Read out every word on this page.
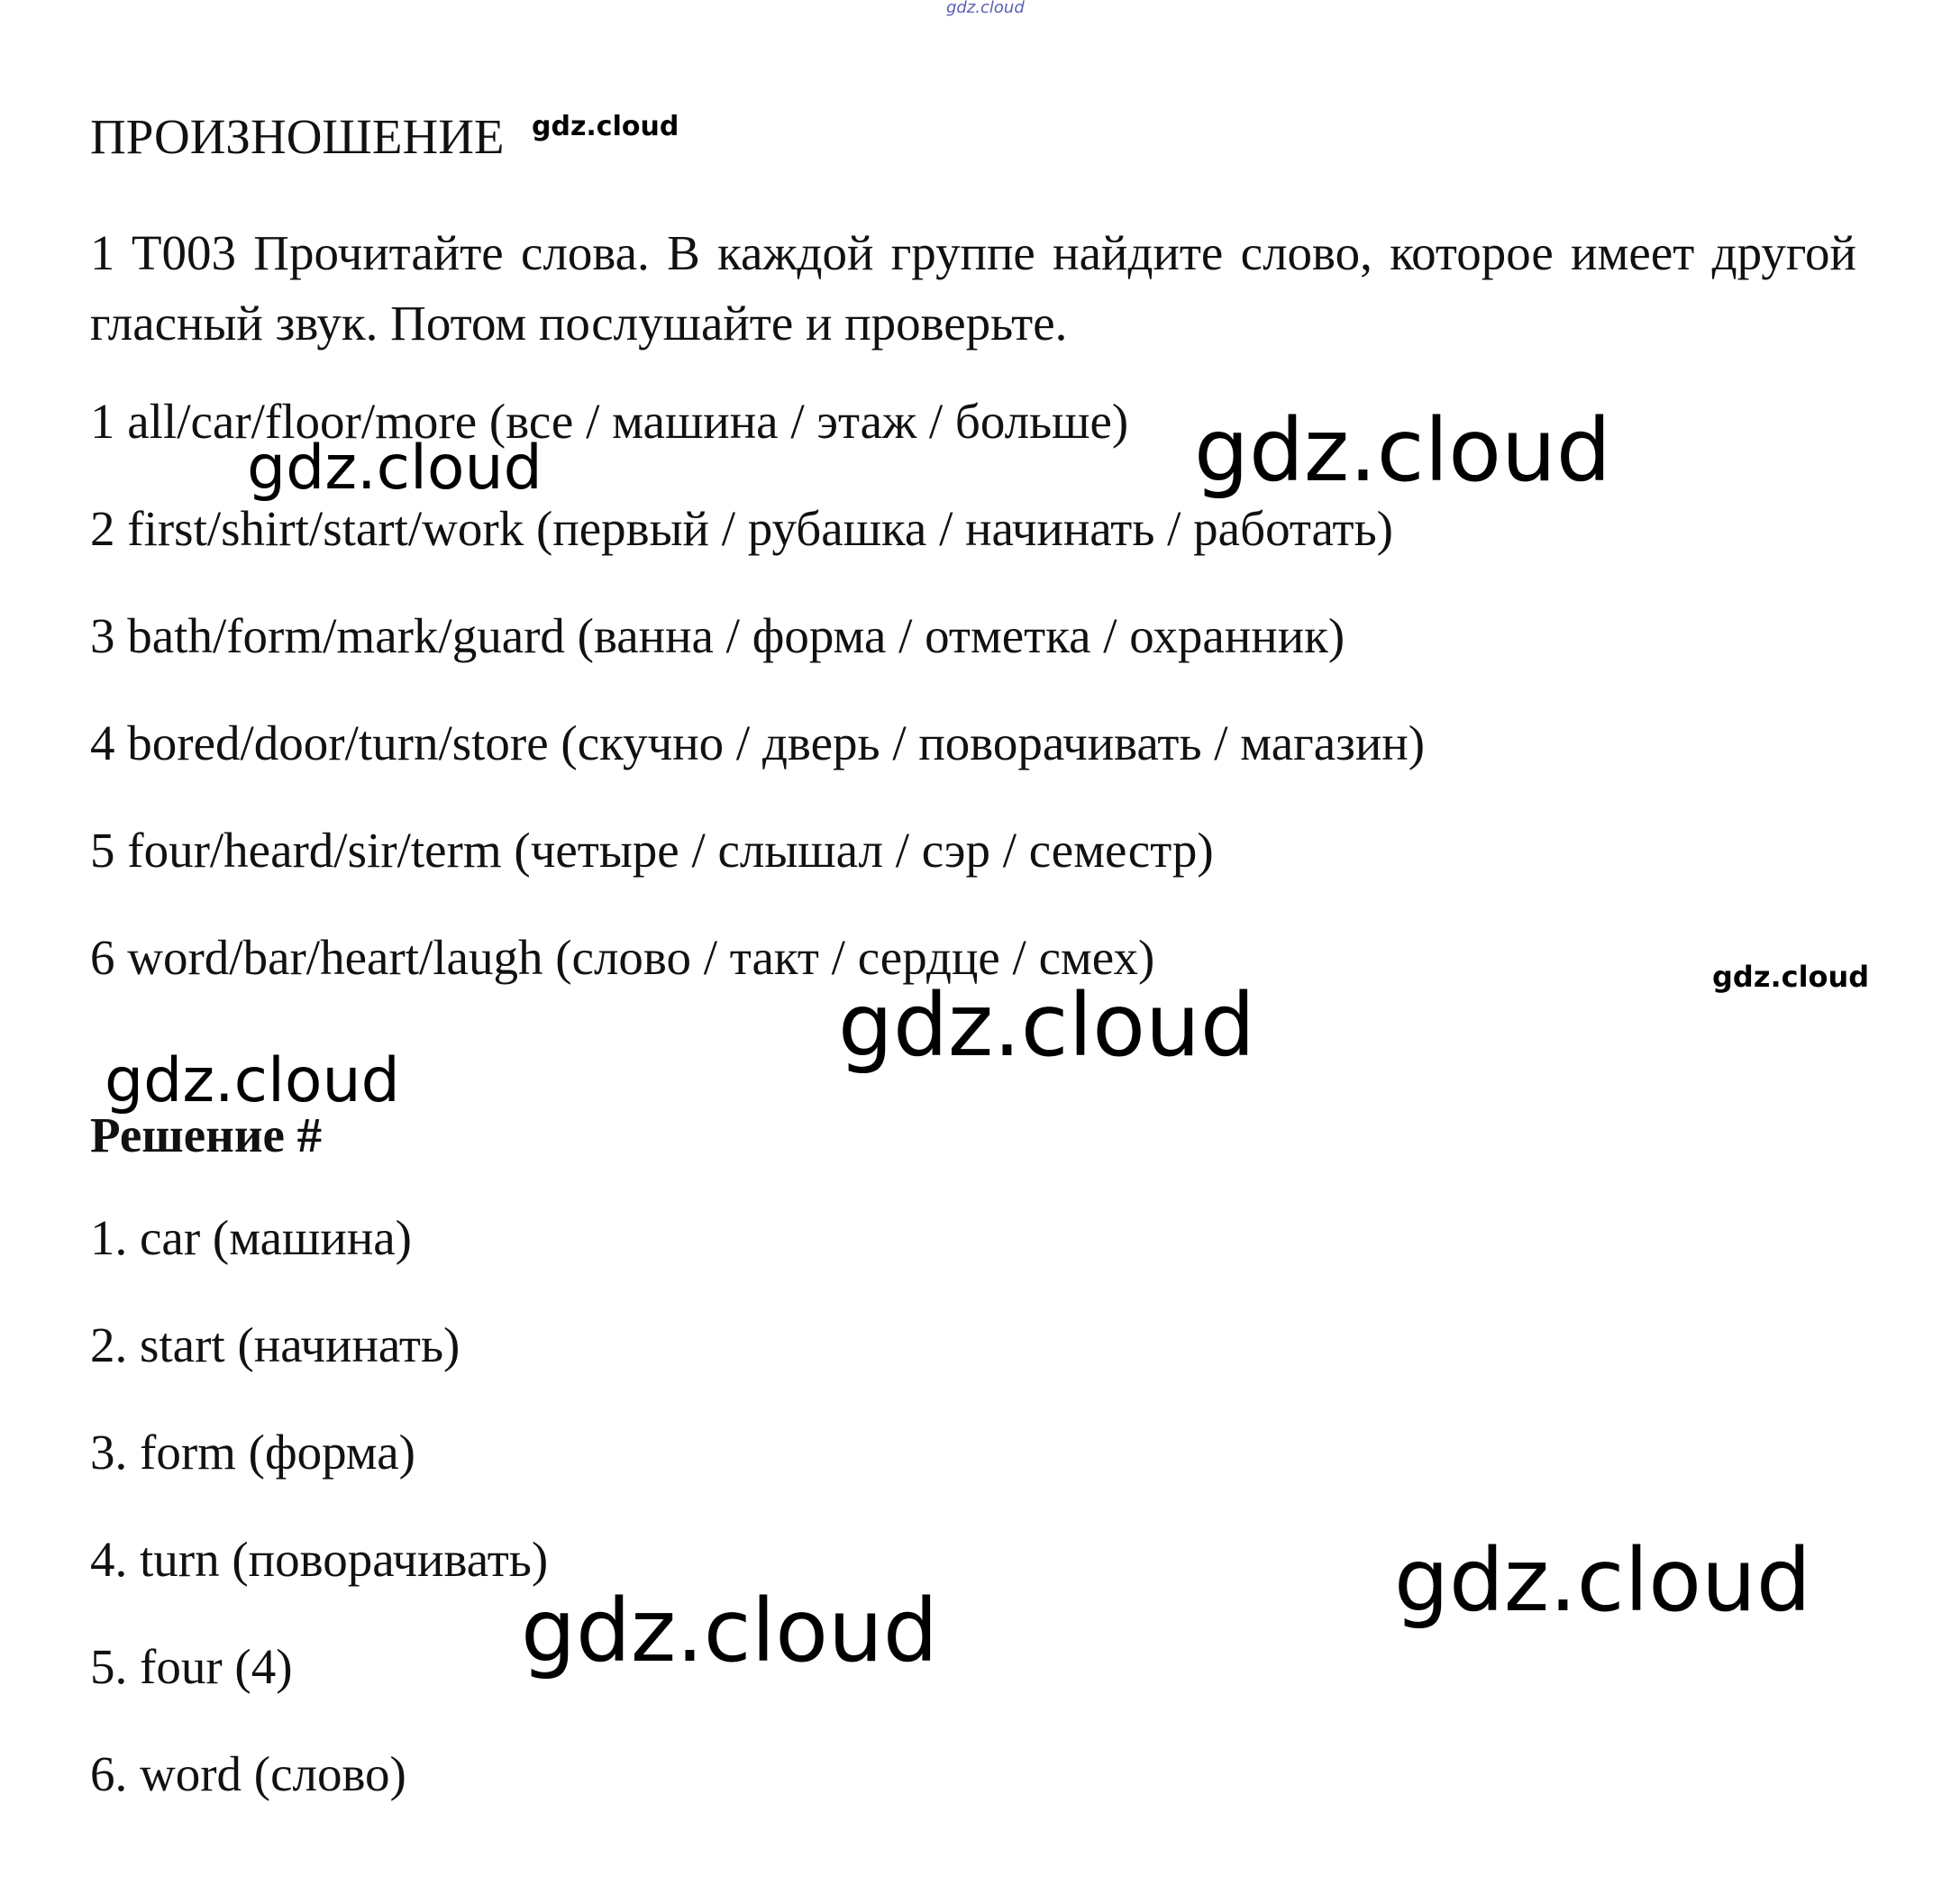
gdz.cloud
ПРОИЗНОШЕНИЕ gdz.cloud
1 T003 Прочитайте слова. В каждой группе найдите слово, которое имеет другой гласный звук. Потом послушайте и проверьте.
1 all/car/floor/more (все / машина / этаж / больше)
2 first/shirt/start/work (первый / рубашка / начинать / работать)
3 bath/form/mark/guard (ванна / форма / отметка / охранник)
4 bored/door/turn/store (скучно / дверь / поворачивать / магазин)
5 four/heard/sir/term (четыре / слышал / сэр / семестр)
6 word/bar/heart/laugh (слово / такт / сердце / смех)
Решение #
1. car (машина)
2. start (начинать)
3. form (форма)
4. turn (поворачивать)
5. four (4)
6. word (слово)
gdz.cloud	gdz.cloud
gdz.cloud
gdz.cloud
gdz.cloud
gdz.cloud
gdz.cloud
